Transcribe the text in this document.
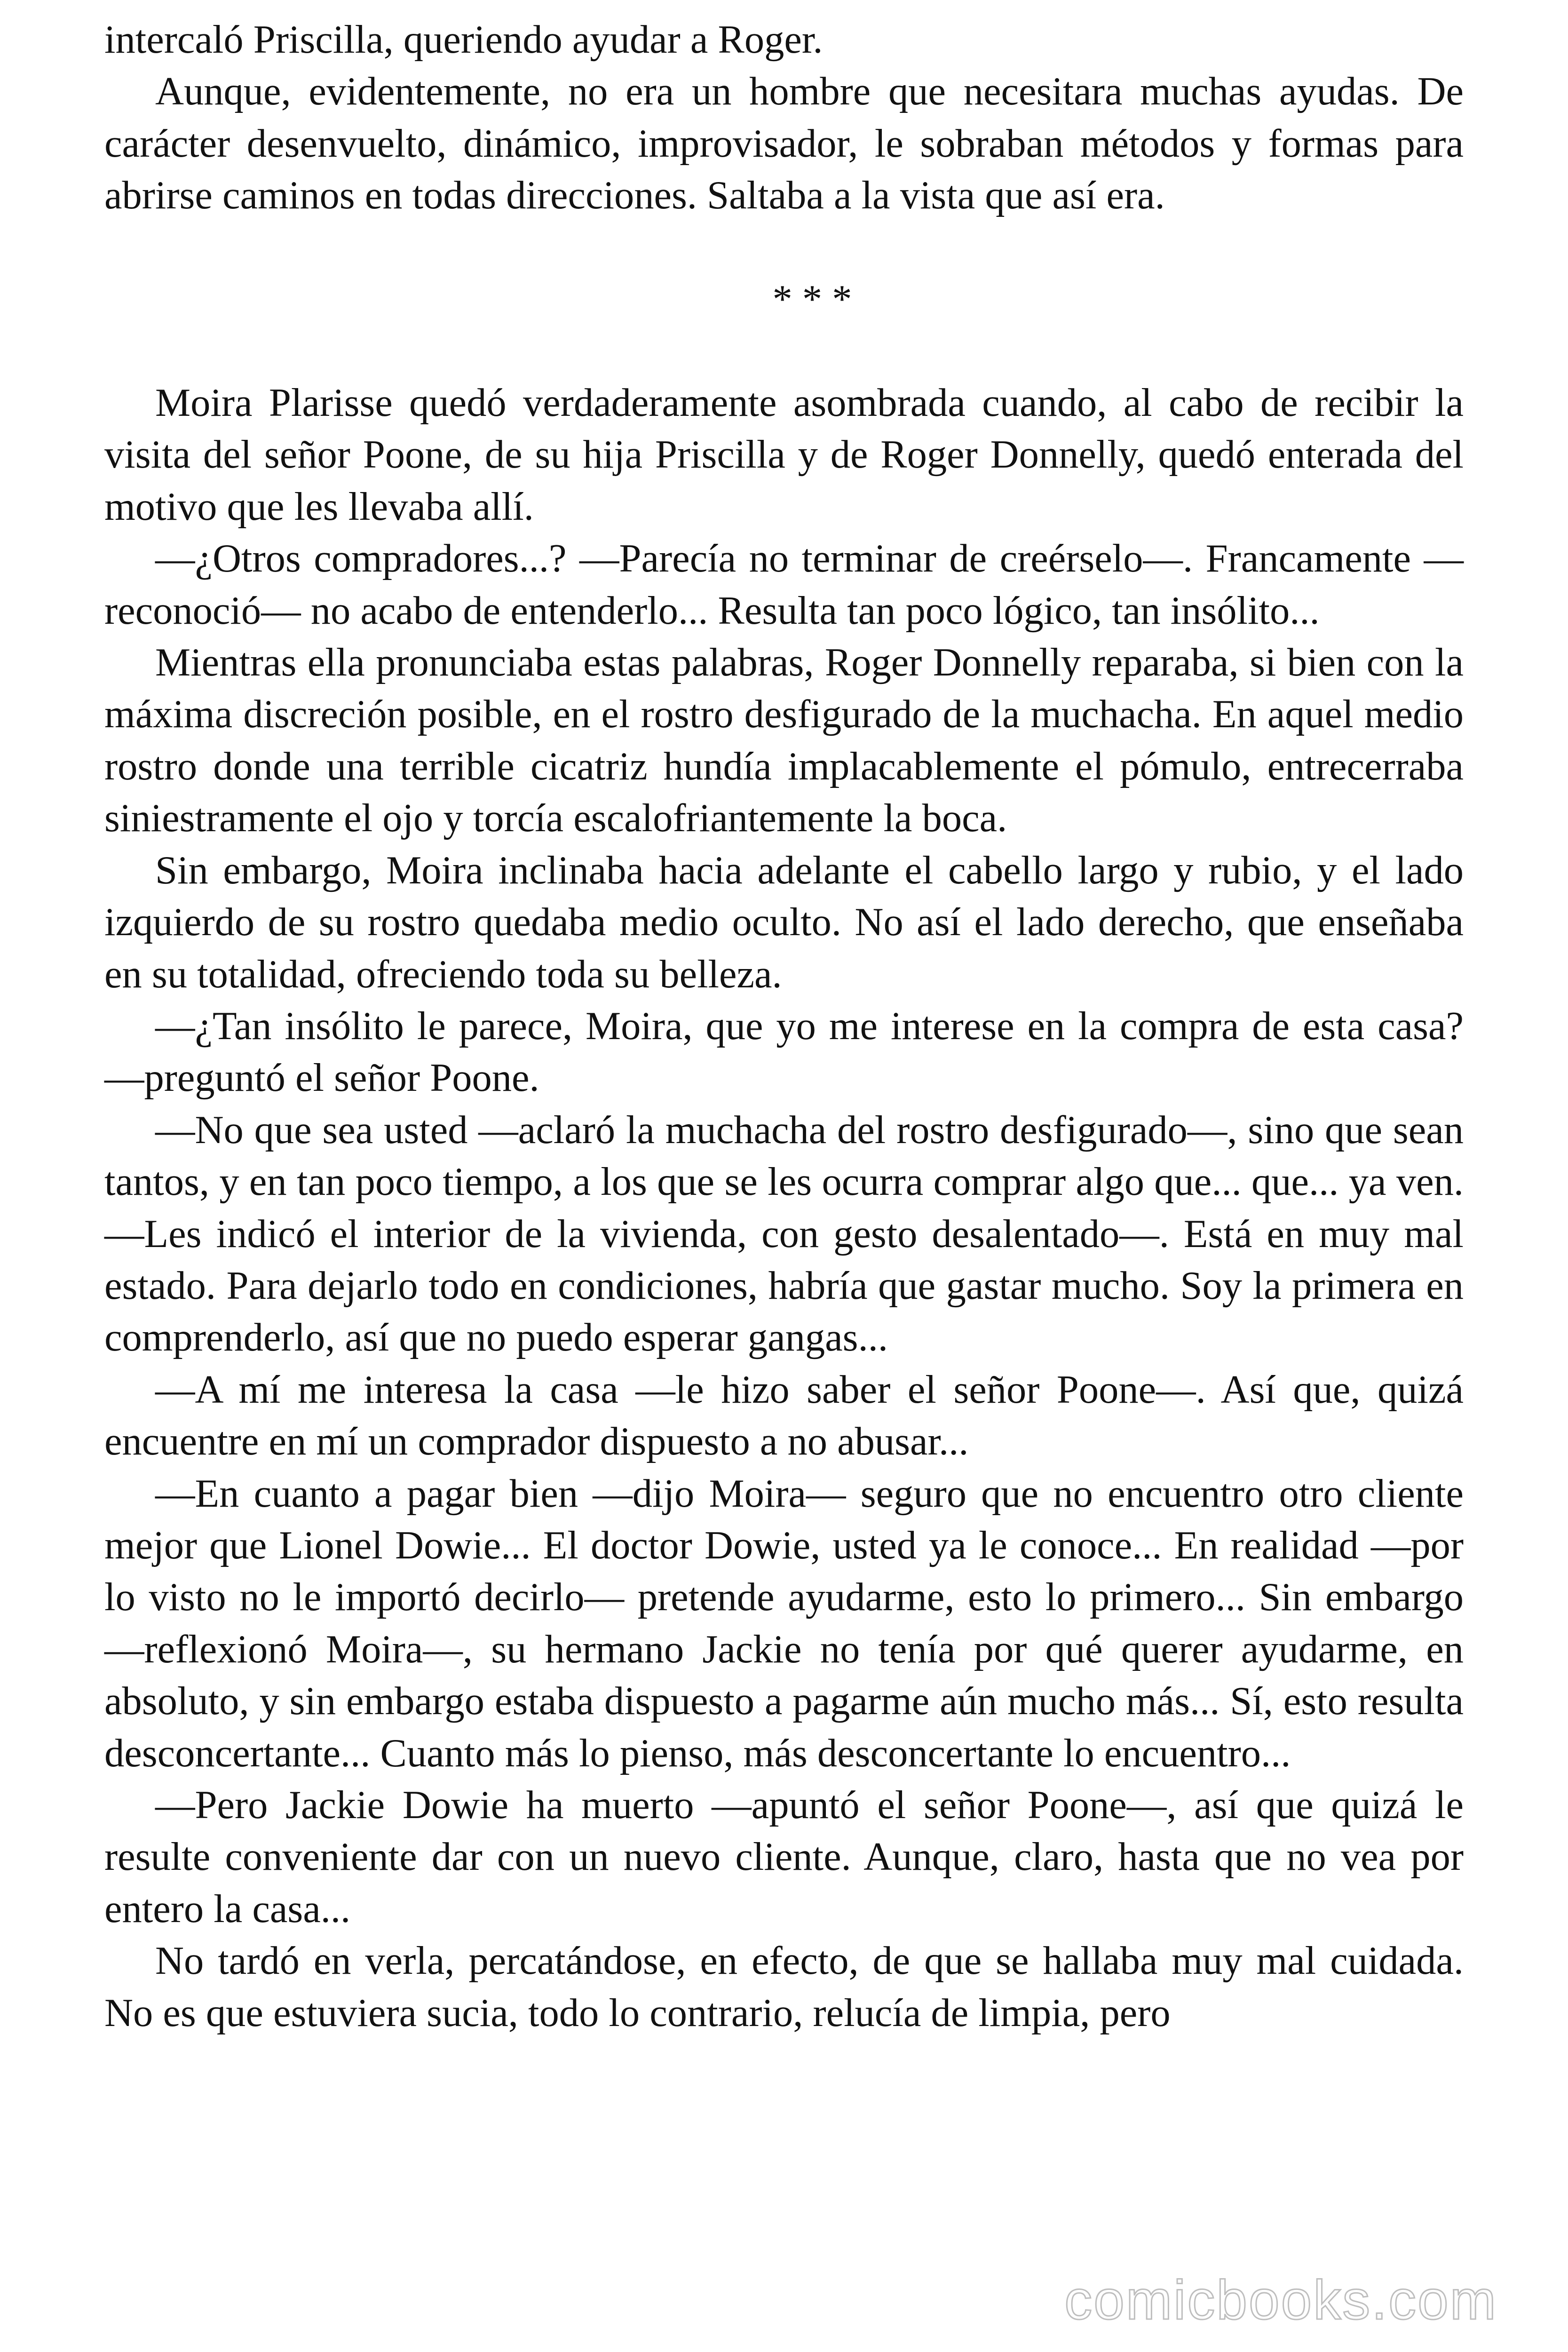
intercaló Priscilla, queriendo ayudar a Roger.

Aunque, evidentemente, no era un hombre que necesitara muchas ayudas. De carácter desenvuelto, dinámico, improvisador, le sobraban métodos y formas para abrirse caminos en todas direcciones. Saltaba a la vista que así era.

* * *

Moira Plarisse quedó verdaderamente asombrada cuando, al cabo de recibir la visita del señor Poone, de su hija Priscilla y de Roger Donnelly, quedó enterada del motivo que les llevaba allí.

—¿Otros compradores...? —Parecía no terminar de creérselo—. Francamente —reconoció— no acabo de entenderlo... Resulta tan poco lógico, tan insólito...

Mientras ella pronunciaba estas palabras, Roger Donnelly reparaba, si bien con la máxima discreción posible, en el rostro desfigurado de la muchacha. En aquel medio rostro donde una terrible cicatriz hundía implacablemente el pómulo, entrecerraba siniestramente el ojo y torcía escalofriantemente la boca.

Sin embargo, Moira inclinaba hacia adelante el cabello largo y rubio, y el lado izquierdo de su rostro quedaba medio oculto. No así el lado derecho, que enseñaba en su totalidad, ofreciendo toda su belleza.

—¿Tan insólito le parece, Moira, que yo me interese en la compra de esta casa? —preguntó el señor Poone.

—No que sea usted —aclaró la muchacha del rostro desfigurado—, sino que sean tantos, y en tan poco tiempo, a los que se les ocurra comprar algo que... que... ya ven. —Les indicó el interior de la vivienda, con gesto desalentado—. Está en muy mal estado. Para dejarlo todo en condiciones, habría que gastar mucho. Soy la primera en comprenderlo, así que no puedo esperar gangas...

—A mí me interesa la casa —le hizo saber el señor Poone—. Así que, quizá encuentre en mí un comprador dispuesto a no abusar...

—En cuanto a pagar bien —dijo Moira— seguro que no encuentro otro cliente mejor que Lionel Dowie... El doctor Dowie, usted ya le conoce... En realidad —por lo visto no le importó decirlo— pretende ayudarme, esto lo primero... Sin embargo —reflexionó Moira—, su hermano Jackie no tenía por qué querer ayudarme, en absoluto, y sin embargo estaba dispuesto a pagarme aún mucho más... Sí, esto resulta desconcertante... Cuanto más lo pienso, más desconcertante lo encuentro...

—Pero Jackie Dowie ha muerto —apuntó el señor Poone—, así que quizá le resulte conveniente dar con un nuevo cliente. Aunque, claro, hasta que no vea por entero la casa...

No tardó en verla, percatándose, en efecto, de que se hallaba muy mal cuidada. No es que estuviera sucia, todo lo contrario, relucía de limpia, pero

comicbooks.com
